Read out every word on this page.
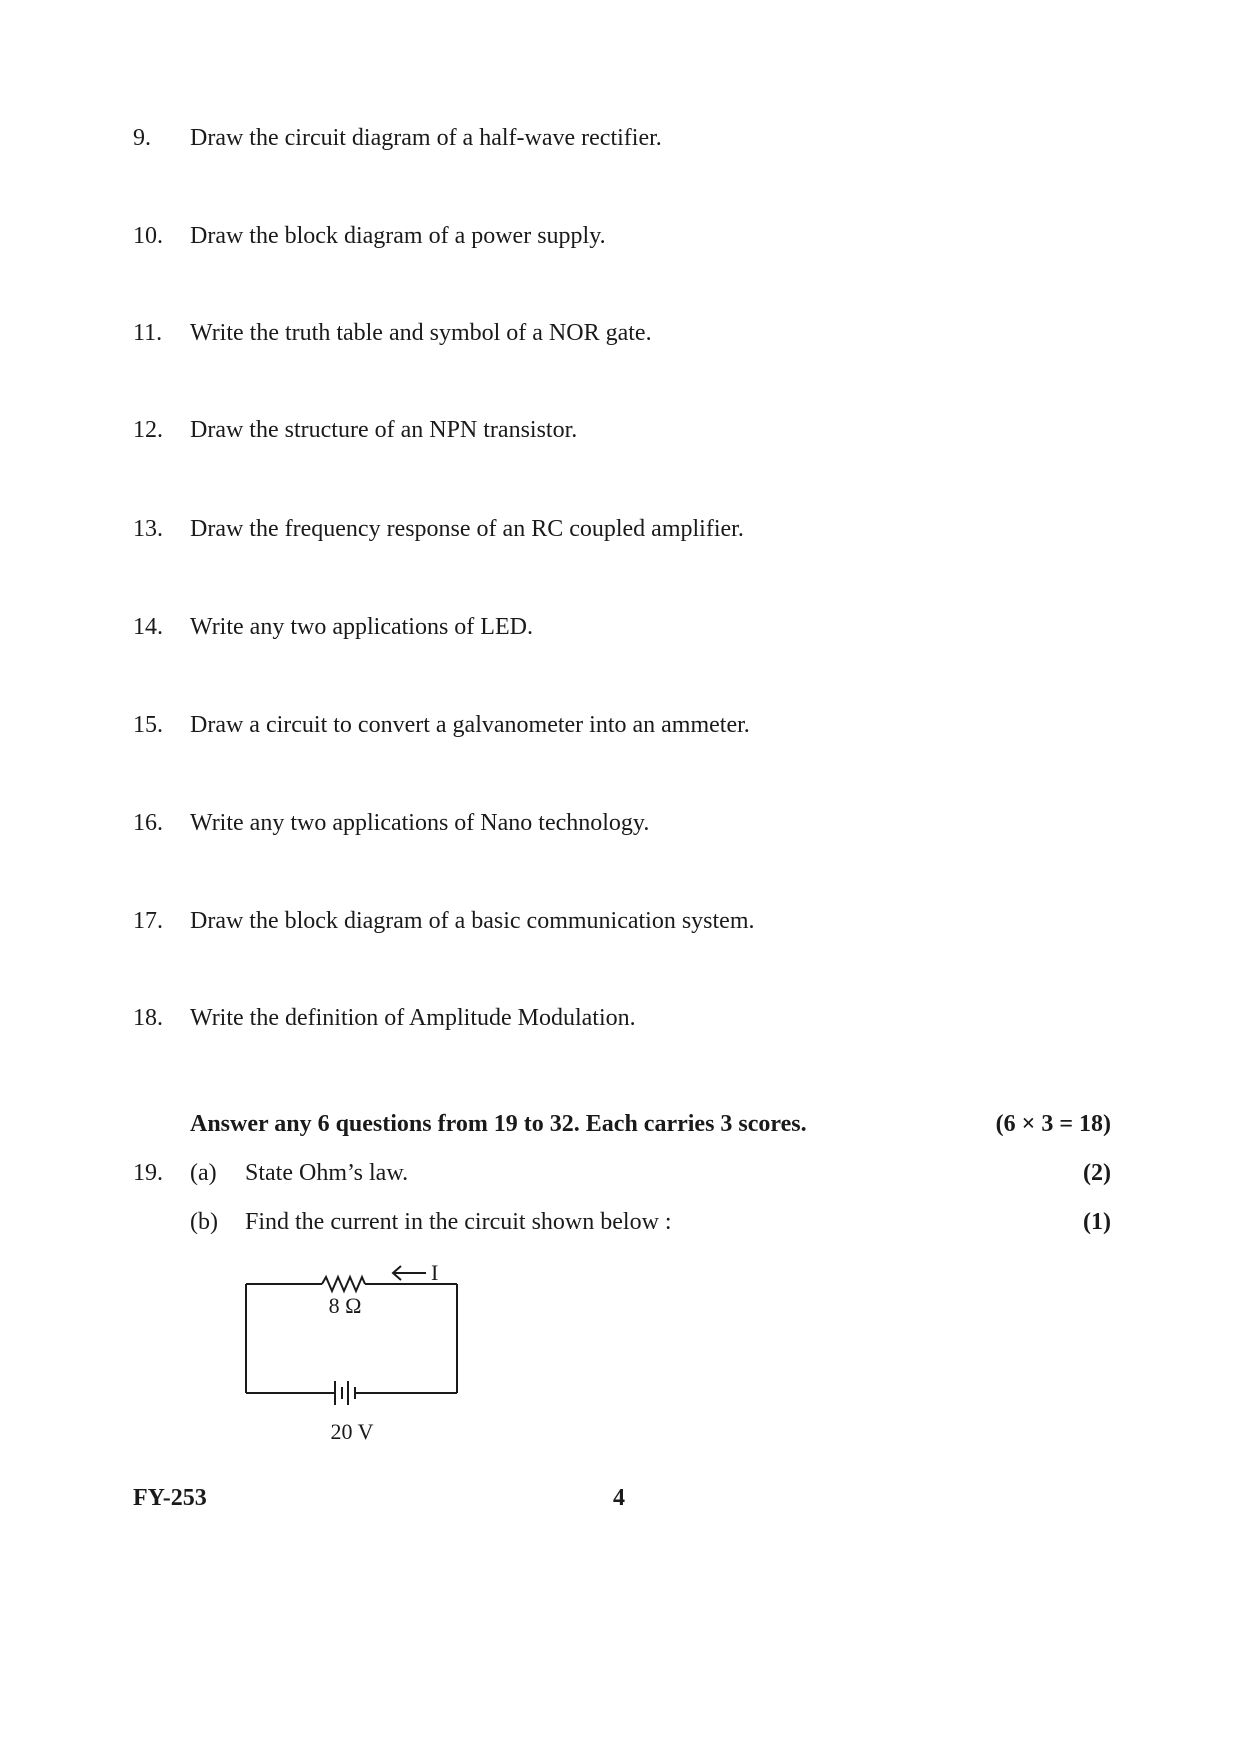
9. Draw the circuit diagram of a half-wave rectifier.
10. Draw the block diagram of a power supply.
11. Write the truth table and symbol of a NOR gate.
12. Draw the structure of an NPN transistor.
13. Draw the frequency response of an RC coupled amplifier.
14. Write any two applications of LED.
15. Draw a circuit to convert a galvanometer into an ammeter.
16. Write any two applications of Nano technology.
17. Draw the block diagram of a basic communication system.
18. Write the definition of Amplitude Modulation.
Answer any 6 questions from 19 to 32. Each carries 3 scores.	(6 × 3 = 18)
19. (a) State Ohm’s law.	(2)
(b) Find the current in the circuit shown below :	(1)
I
8 Ω
20 V
FY-253	4
